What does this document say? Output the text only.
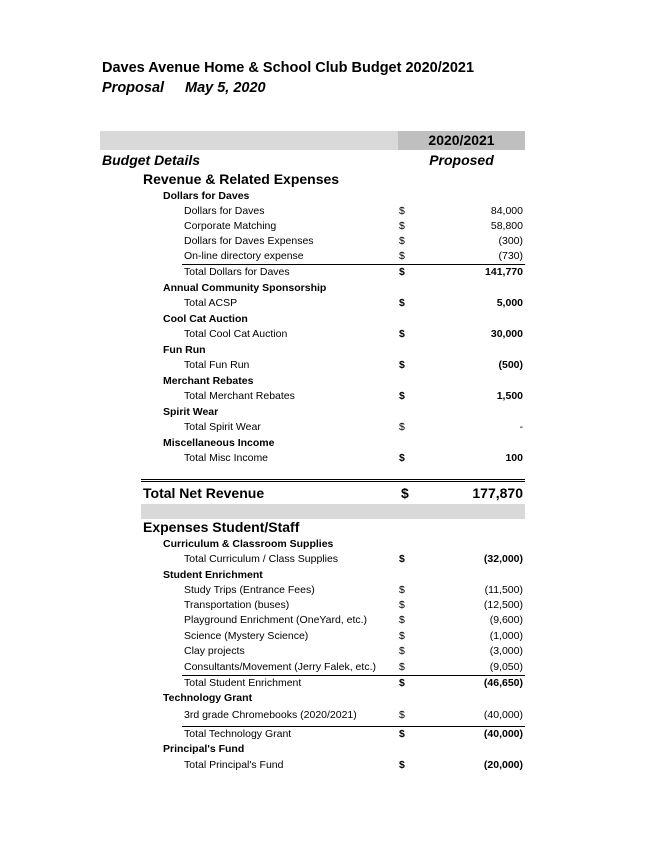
Daves Avenue Home & School Club Budget 2020/2021
Proposal May 5, 2020
2020/2021
Budget Details	Proposed
Revenue & Related Expenses
Dollars for Daves
Dollars for Daves	$	84,000
Corporate Matching	$	58,800
Dollars for Daves Expenses	$	(300)
On-line directory expense	$	(730)
Total Dollars for Daves	$	141,770
Annual Community Sponsorship
Total ACSP	$	5,000
Cool Cat Auction
Total Cool Cat Auction	$	30,000
Fun Run
Total Fun Run	$	(500)
Merchant Rebates
Total Merchant Rebates	$	1,500
Spirit Wear
Total Spirit Wear	$	-
Miscellaneous Income
Total Misc Income	$	100
Total Net Revenue	$	177,870
Expenses Student/Staff
Curriculum & Classroom Supplies
Total Curriculum / Class Supplies	$	(32,000)
Student Enrichment
Study Trips (Entrance Fees)	$	(11,500)
Transportation (buses)	$	(12,500)
Playground Enrichment (OneYard, etc.)	$	(9,600)
Science (Mystery Science)	$	(1,000)
Clay projects	$	(3,000)
Consultants/Movement (Jerry Falek, etc.) $	(9,050)
Total Student Enrichment	$	(46,650)
Technology Grant
3rd grade Chromebooks (2020/2021)	$	(40,000)
Total Technology Grant	$	(40,000)
Principal's Fund
Total Principal's Fund	$	(20,000)
